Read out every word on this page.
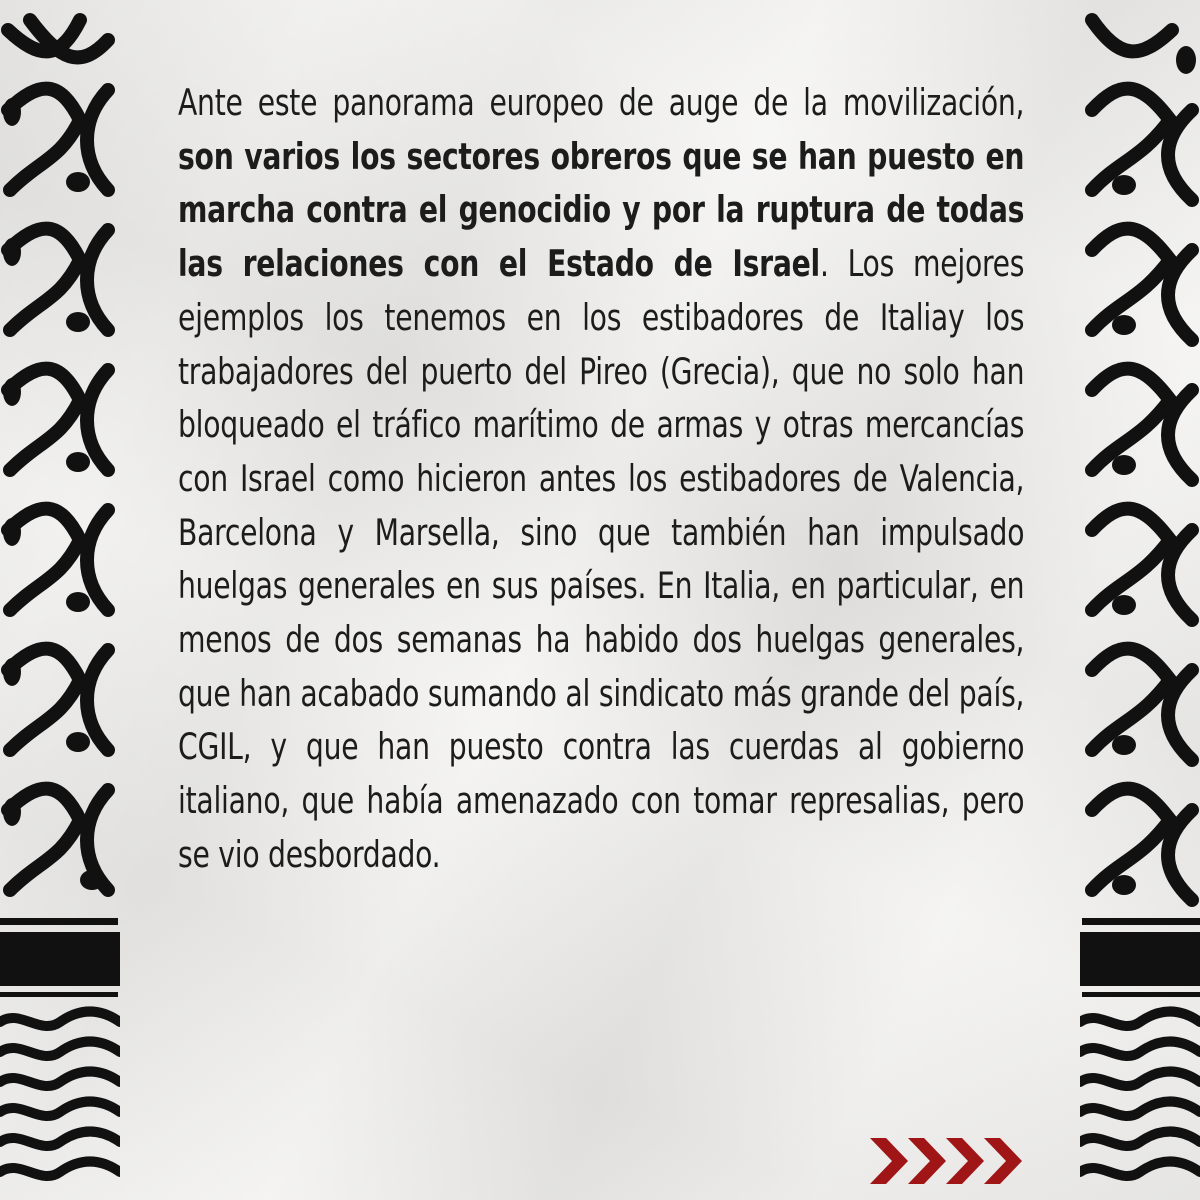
Ante este panorama europeo de auge de la movilización, son varios los sectores obreros que se han puesto en marcha contra el genocidio y por la ruptura de todas las relaciones con el Estado de Israel. Los mejores ejemplos los tenemos en los estibadores de Italiay los trabajadores del puerto del Pireo (Grecia), que no solo han bloqueado el tráfico marítimo de armas y otras mercancías con Israel como hicieron antes los estibadores de Valencia, Barcelona y Marsella, sino que también han impulsado huelgas generales en sus países. En Italia, en particular, en menos de dos semanas ha habido dos huelgas generales, que han acabado sumando al sindicato más grande del país, CGIL, y que han puesto contra las cuerdas al gobierno italiano, que había amenazado con tomar represalias, pero se vio desbordado.
